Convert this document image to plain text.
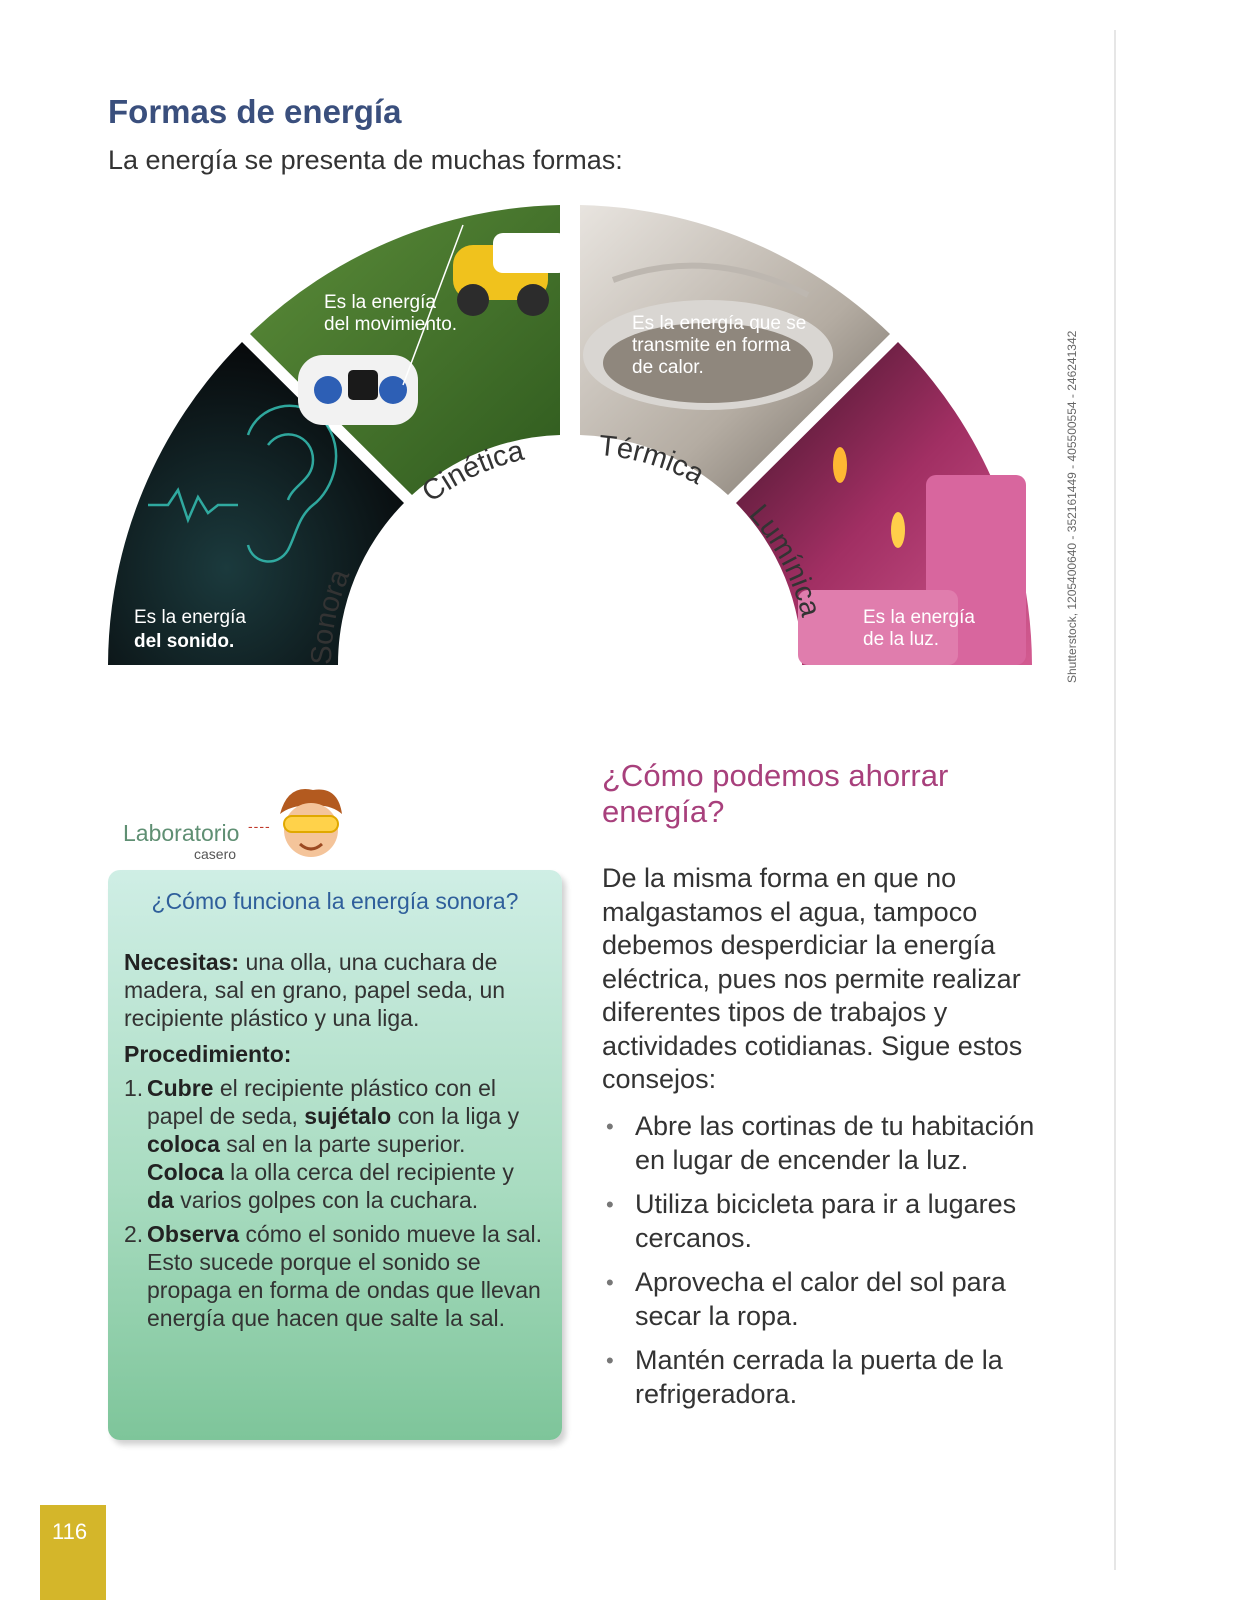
Formas de energía

La energía se presenta de muchas formas:

Sonora
Cinética Térmica
Lumínica
Es la energía del sonido.
Es la energía del movimiento.	Es la energía que se transmite en forma de calor.
Es la energía de la luz.	Shutterstock, 1205400640 - 352161449 - 405500554 - 246241342
Laboratorio ----
casero
¿Cómo funciona la energía sonora?

Necesitas: una olla, una cuchara de madera, sal en grano, papel seda, un recipiente plástico y una liga.

Procedimiento:

1. Cubre el recipiente plástico con el papel de seda, sujétalo con la liga y coloca sal en la parte superior. Coloca la olla cerca del recipiente y da varios golpes con la cuchara.

2. Observa cómo el sonido mueve la sal. Esto sucede porque el sonido se propaga en forma de ondas que llevan energía que hacen que salte la sal.

¿Cómo podemos ahorrar energía?

De la misma forma en que no malgastamos el agua, tampoco debemos desperdiciar la energía eléctrica, pues nos permite realizar diferentes tipos de trabajos y actividades cotidianas. Sigue estos consejos:

• Abre las cortinas de tu habitación en lugar de encender la luz.
• Utiliza bicicleta para ir a lugares cercanos.
• Aprovecha el calor del sol para secar la ropa.
• Mantén cerrada la puerta de la refrigeradora.
116
